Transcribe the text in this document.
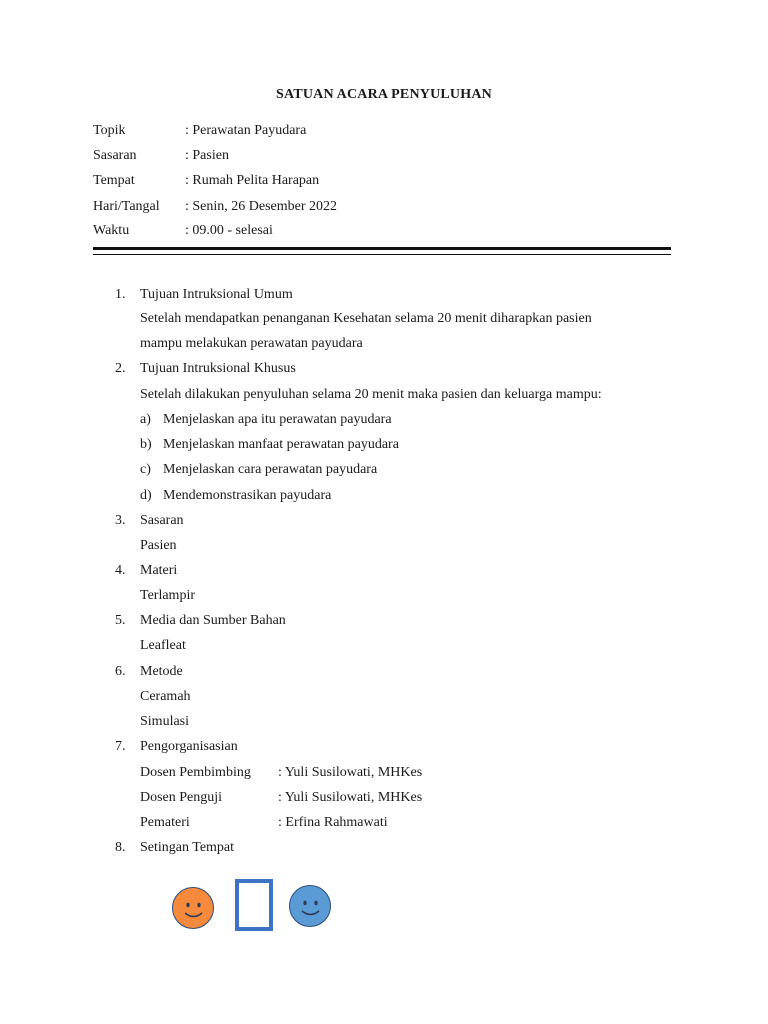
SATUAN ACARA PENYULUHAN
Topik	: Perawatan Payudara
Sasaran	: Pasien
Tempat	: Rumah Pelita Harapan
Hari/Tangal : Senin, 26 Desember 2022
Waktu	: 09.00 - selesai
1. Tujuan Intruksional Umum
Setelah mendapatkan penanganan Kesehatan selama 20 menit diharapkan pasien
mampu melakukan perawatan payudara
2. Tujuan Intruksional Khusus
Setelah dilakukan penyuluhan selama 20 menit maka pasien dan keluarga mampu:
a) Menjelaskan apa itu perawatan payudara
b) Menjelaskan manfaat perawatan payudara
c) Menjelaskan cara perawatan payudara
d) Mendemonstrasikan payudara
3. Sasaran
Pasien
4. Materi
Terlampir
5. Media dan Sumber Bahan
Leafleat
6. Metode
Ceramah
Simulasi
7. Pengorganisasian
Dosen Pembimbing : Yuli Susilowati, MHKes
Dosen Penguji	: Yuli Susilowati, MHKes
Pemateri	: Erfina Rahmawati
8. Setingan Tempat
